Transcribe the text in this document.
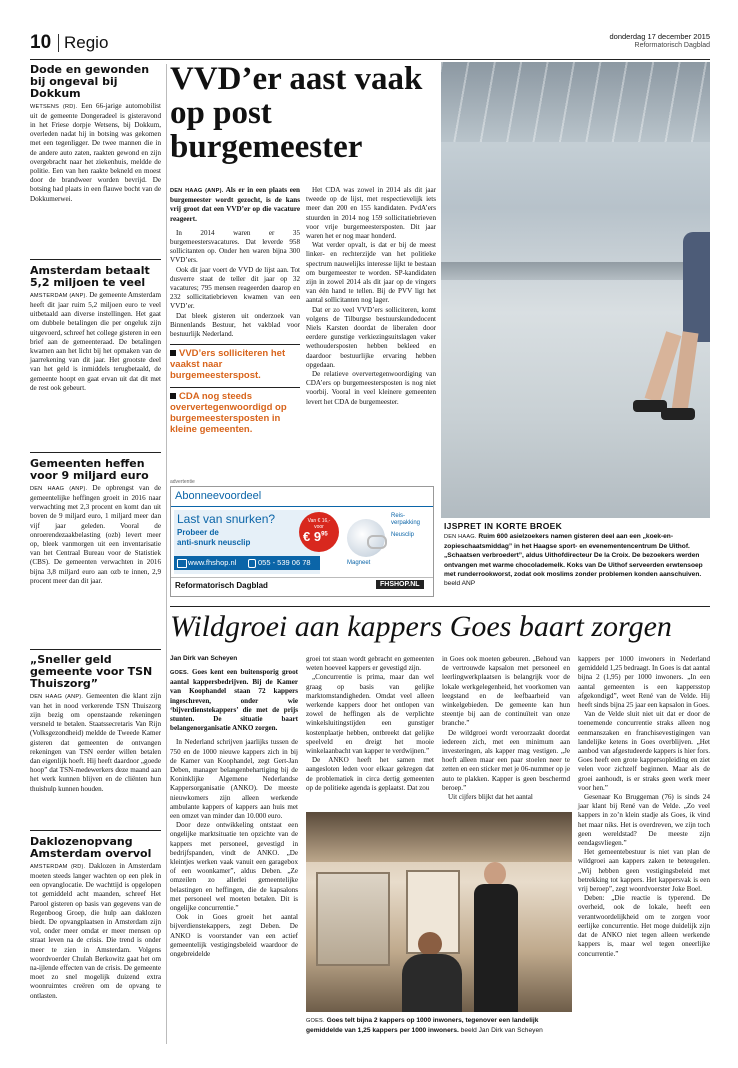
10 Regio	donderdag 17 december 2015
Reformatorisch Dagblad
Dode en gewonden bij ongeval bij Dokkum

WETSENS (RD). Een 66-jarige automobilist uit de gemeente Dongeradeel is gisteravond in het Friese dorpje Wetsens, bij Dokkum, overleden nadat hij in botsing was gekomen met een tegenligger. De twee mannen die in de andere auto zaten, raakten gewond en zijn overgebracht naar het ziekenhuis, meldde de politie. Een van hen raakte bekneld en moest door de brandweer worden bevrijd. De botsing had plaats in een flauwe bocht van de Dokkumerwei.

Amsterdam betaalt 5,2 miljoen te veel

AMSTERDAM (ANP). De gemeente Amsterdam heeft dit jaar ruim 5,2 miljoen euro te veel uitbetaald aan diverse instellingen. Het gaat om dubbele betalingen die per ongeluk zijn uitgevoerd, schreef het college gisteren in een brief aan de gemeenteraad. De betalingen kwamen aan het licht bij het opmaken van de jaarrekening van dit jaar. Het grootste deel van het geld is inmiddels terugbetaald, de gemeente hoopt en gaat ervan uit dat dit met de rest ook gebeurt.

Gemeenten heffen voor 9 miljard euro

DEN HAAG (ANP). De opbrengst van de gemeentelijke heffingen groeit in 2016 naar verwachting met 2,3 procent en komt dan uit boven de 9 miljard euro, 1 miljard meer dan vijf jaar geleden. Vooral de onroerendezaakbelasting (ozb) levert meer op, bleek vanmorgen uit een inventarisatie van het Centraal Bureau voor de Statistiek (CBS). De gemeenten verwachten in 2016 bijna 3,8 miljard euro aan ozb te innen, 2,9 procent meer dan dit jaar.

„Sneller geld gemeente voor TSN Thuiszorg”

DEN HAAG (ANP). Gemeenten die klant zijn van het in nood verkerende TSN Thuiszorg zijn bezig om openstaande rekeningen versneld te betalen. Staatssecretaris Van Rijn (Volksgezondheid) meldde de Tweede Kamer gisteren dat gemeenten de ontvangen rekeningen van TSN eerder willen betalen dan eigenlijk hoeft. Hij heeft daardoor „goede hoop” dat TSN-medewerkers deze maand aan het werk kunnen blijven en de cliënten hun thuishulp kunnen houden.

Daklozenopvang Amsterdam overvol

AMSTERDAM (RD). Daklozen in Amsterdam moeten steeds langer wachten op een plek in een opvanglocatie. De wachttijd is opgelopen tot gemiddeld acht maanden, schreef Het Parool gisteren op basis van gegevens van de Regenboog Groep, die hulp aan daklozen biedt. De opvangplaatsen in Amsterdam zijn vol, onder meer omdat er meer mensen op straat leven na de crisis. Die trend is onder meer te zien in Amsterdam. Volgens woordvoerder Chulah Berkowitz gaat het om na-ijlende effecten van de crisis. De gemeente moet zo snel mogelijk duizend extra woonruimtes creëren om de opvang te ontlasten.

VVD’er aast vaak op post burgemeester

DEN HAAG (ANP). Als er in een plaats een burgemeester wordt gezocht, is de kans vrij groot dat een VVD’er op die vacature reageert.

In 2014 waren er 35 burgemeestersvacatures. Dat leverde 958 sollicitanten op. Onder hen waren bijna 300 VVD’ers.

Ook dit jaar voert de VVD de lijst aan. Tot dusverre staat de teller dit jaar op 32 vacatures; 795 mensen reageerden daarop en 232 sollicitatiebrieven kwamen van een VVD’er.

Dat bleek gisteren uit onderzoek van Binnenlands Bestuur, het vakblad voor bestuurlijk Nederland.

VVD’ers solliciteren het vaakst naar burgemeesterspost.

CDA nog steeds oververtegenwoordigd op burgemeestersposten in kleine gemeenten.

Het CDA was zowel in 2014 als dit jaar tweede op de lijst, met respectievelijk iets meer dan 200 en 155 kandidaten. PvdA’ers stuurden in 2014 nog 159 sollicitatiebrieven voor vrije burgemeestersposten. Dit jaar waren het er nog maar honderd.

Wat verder opvalt, is dat er bij de meest linker- en rechterzijde van het politieke spectrum nauwelijks interesse lijkt te bestaan om burgemeester te worden. SP-kandidaten zijn in zowel 2014 als dit jaar op de vingers van één hand te tellen. Bij de PVV ligt het aantal sollicitanten nog lager.

Dat er zo veel VVD’ers solliciteren, komt volgens de Tilburgse bestuurskundedocent Niels Karsten doordat de liberalen door eerdere gunstige verkiezingsuitslagen vaker wethoudersposten hebben bekleed en daardoor bestuurlijke ervaring hebben opgedaan.

De relatieve oververtegenwoordiging van CDA’ers op burgemeestersposten is nog niet voorbij. Vooral in veel kleinere gemeenten levert het CDA de burgemeester.

advertentie
Abonneevoordeel
Last van snurken?
Probeer de
anti-snurk neusclip
www.fhshop.nl	055 - 539 06 78
Van € 16,-
voor
€ $9^{95}$
Reis-
verpakking
Neusclip
Magneet
Reformatorisch Dagblad	FHSHOP.NL
IJSPRET IN KORTE BROEK

DEN HAAG. Ruim 600 asielzoekers namen gisteren deel aan een „koek-en-zopieschaatsmiddag” in het Haagse sport- en evenementencentrum De Uithof. „Schaatsen verbroedert”, aldus Uithofdirecteur De la Croix. De bezoekers werden ontvangen met warme chocolademelk. Koks van De Uithof serveerden erwtensoep met runderrookworst, zodat ook moslims zonder problemen konden aanschuiven. beeld ANP

Wildgroei aan kappers Goes baart zorgen
Jan Dirk van Scheyen

GOES. Goes kent een buitensporig groot aantal kappersbedrijven. Bij de Kamer van Koophandel staan 72 kappers ingeschreven, onder wie ‘bijverdienstekappers’ die met de prijs stunten. De situatie baart belangenorganisatie ANKO zorgen.

In Nederland schrijven jaarlijks tussen de 750 en de 1000 nieuwe kappers zich in bij de Kamer van Koophandel, zegt Gert-Jan Deben, manager belangenbehartiging bij de Koninklijke Algemene Nederlandse Kappersorganisatie (ANKO). De meeste nieuwkomers zijn alleen werkende ambulante kappers of kappers aan huis met een omzet van minder dan 10.000 euro.

Door deze ontwikkeling ontstaat een ongelijke marktsituatie ten opzichte van de kappers met personeel, gevestigd in bedrijfspanden, vindt de ANKO. „De kleintjes werken vaak vanuit een garagebox of een woonkamer”, aldus Deben. „Ze omzeilen zo allerlei gemeentelijke belastingen en heffingen, die de kapsalons met personeel wel moeten betalen. Dit is ongelijke concurrentie.”

Ook in Goes groeit het aantal bijverdienstekappers, zegt Deben. De ANKO is voorstander van een actief gemeentelijk vestigingsbeleid waardoor de ongebreidelde

groei tot staan wordt gebracht en gemeenten weten hoeveel kappers er gevestigd zijn.

„Concurrentie is prima, maar dan wel graag op basis van gelijke marktomstandigheden. Omdat veel alleen werkende kappers door het ontlopen van zowel de heffingen als de verplichte winkelsluitingstijden een gunstiger kostenplaatje hebben, ontbreekt dat gelijke speelveld en dreigt het mooie winkelaanbacht van kapper te verdwijnen.”

De ANKO heeft het samen met aangesloten leden voor elkaar gekregen dat de problematiek in circa dertig gemeenten op de politieke agenda is geplaatst. Dat zou

in Goes ook moeten gebeuren. „Behoud van de vertrouwde kapsalon met personeel en leerlingwerkplaatsen is belangrijk voor de lokale werkgelegenheid, het voorkomen van leegstand en de leefbaarheid van winkelgebieden. De gemeente kan hun steentje bij aan de continuïteit van onze branche.”

De wildgroei wordt veroorzaakt doordat iedereen zich, met een minimum aan investeringen, als kapper mag vestigen. „Je hoeft alleen maar een paar stoelen neer te zetten en een sticker met je 06-nummer op je auto te plakken. Kapper is geen beschermd beroep.”

Uit cijfers blijkt dat het aantal

kappers per 1000 inwoners in Nederland gemiddeld 1,25 bedraagt. In Goes is dat aantal bijna 2 (1,95) per 1000 inwoners. „In een aantal gemeenten is een kappersstop afgekondigd”, weet René van de Velde. Hij heeft sinds bijna 25 jaar een kapsalon in Goes.

Van de Velde sluit niet uit dat er door de toenemende concurrentie straks alleen nog eenmanszaken en franchisevestigingen van landelijke ketens in Goes overblijven. „Het aanbod van afgestudeerde kappers is hier fors. Goes heeft een grote kappersopleiding en ziet velen voor zichzelf beginnen. Maar als de groei aanhoudt, is er straks geen werk meer voor hen.”

Gesenaar Ko Bruggeman (76) is sinds 24 jaar klant bij René van de Velde. „Zo veel kappers in zo’n klein stadje als Goes, ik vind het maar niks. Het is overdreven, we zijn toch geen wereldstad? De meeste zijn eendagsvliegen.”

Het gemeentebestuur is niet van plan de wildgroei aan kappers zaken te beteugelen. „Wij hebben geen vestigingsbeleid met betrekking tot kappers. Het kappersvak is een vrij beroep”, zegt woordvoerster Joke Boel.

Deben: „Die reactie is typerend. De overheid, ook de lokale, heeft een verantwoordelijkheid om te zorgen voor eerlijke concurrentie. Het moge duidelijk zijn dat de ANKO niet tegen alleen werkende kappers is, maar wel tegen oneerlijke concurrentie.”

GOES. Goes telt bijna 2 kappers op 1000 inwoners, tegenover een landelijk gemiddelde van 1,25 kappers per 1000 inwoners. beeld Jan Dirk van Scheyen
